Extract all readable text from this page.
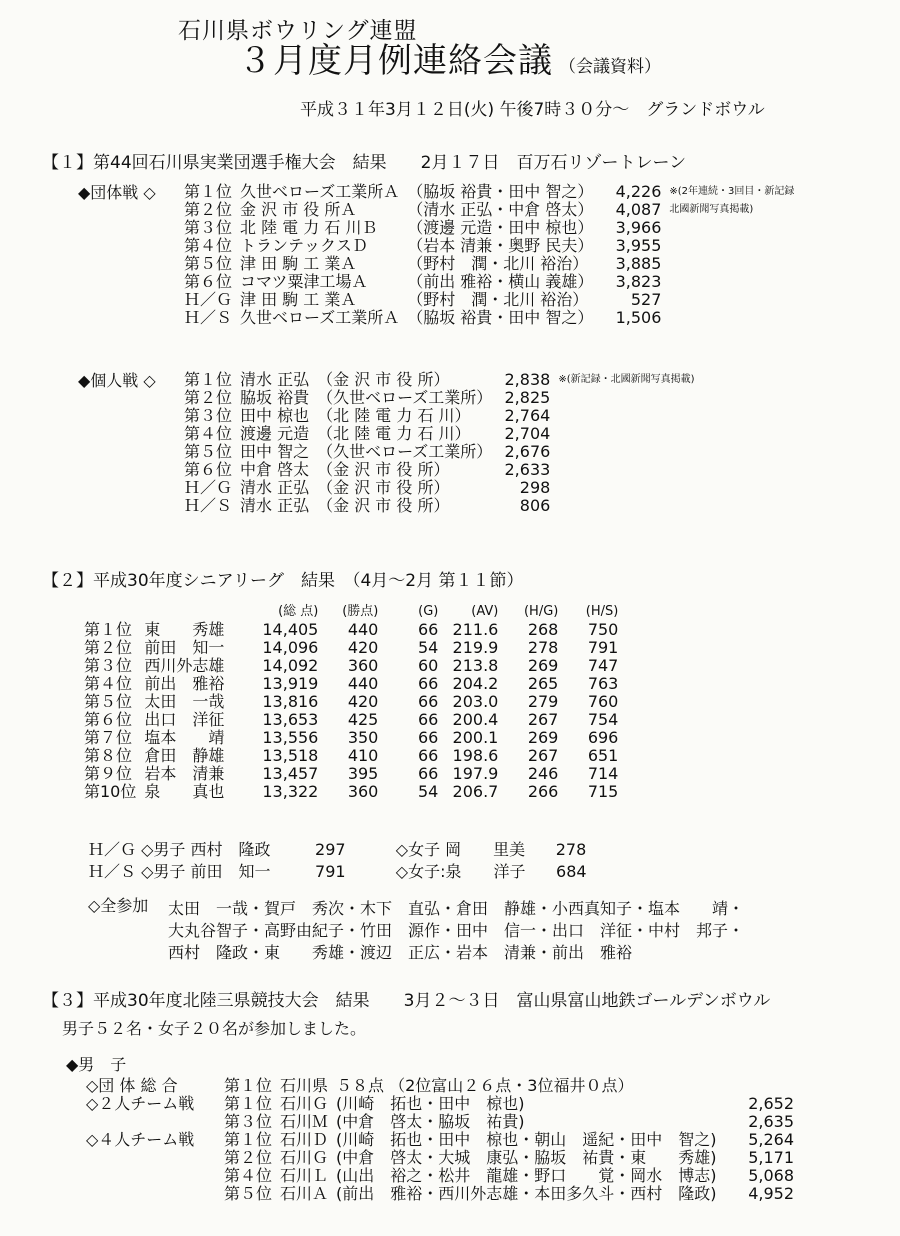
石川県ボウリング連盟
３月度月例連絡会議 （会議資料）
平成３１年3月１２日(火) 午後7時３０分〜　グランドボウル
【１】第44回石川県実業団選手権大会　結果　　2月１７日　百万石リゾートレーン
◆団体戦 ◇ 第１位	久世ベローズ工業所Ａ	（脇坂 裕貴・田中 智之）	4,226	※(2年連続・3回目・新記録
第２位	金 沢 市 役 所Ａ	（清水 正弘・中倉 啓太）	4,087	北國新聞写真掲載)
第３位	北 陸 電 力 石 川Ｂ	（渡邊 元造・田中 椋也）	3,966	
第４位	トランテックスＤ	（岩本 清兼・奥野 民夫）	3,955	
第５位	津 田 駒 工 業Ａ	（野村　潤・北川 裕治）	3,885	
第６位	コマツ粟津工場Ａ	（前出 雅裕・横山 義雄）	3,823	
Ｈ／Ｇ	津 田 駒 工 業Ａ	（野村　潤・北川 裕治）	527	
Ｈ／Ｓ	久世ベローズ工業所Ａ	（脇坂 裕貴・田中 智之）	1,506	
◆個人戦 ◇ 第１位	清水 正弘	（金 沢 市 役 所）	2,838	※(新記録・北國新聞写真掲載)
第２位	脇坂 裕貴	（久世ベローズ工業所）	2,825	
第３位	田中 椋也	（北 陸 電 力 石 川）	2,764	
第４位	渡邊 元造	（北 陸 電 力 石 川）	2,704	
第５位	田中 智之	（久世ベローズ工業所）	2,676	
第６位	中倉 啓太	（金 沢 市 役 所）	2,633	
Ｈ／Ｇ	清水 正弘	（金 沢 市 役 所）	298	
Ｈ／Ｓ	清水 正弘	（金 沢 市 役 所）	806	
【２】平成30年度シニアリーグ　結果　（4月〜2月 第１１節）
		(総 点)	(勝点)	(G)	(AV)	(H/G)	(H/S)
第１位	東　　秀雄	14,405	440	66	211.6	268	750
第２位	前田　知一	14,096	420	54	219.9	278	791
第３位	西川外志雄	14,092	360	60	213.8	269	747
第４位	前出　雅裕	13,919	440	66	204.2	265	763
第５位	太田　一哉	13,816	420	66	203.0	279	760
第６位	出口　洋征	13,653	425	66	200.4	267	754
第７位	塩本　　靖	13,556	350	66	200.1	269	696
第８位	倉田　静雄	13,518	410	66	198.6	267	651
第９位	岩本　清兼	13,457	395	66	197.9	246	714
第10位	泉　　真也	13,322	360	54	206.7	266	715
Ｈ／Ｇ ◇男子 西村　隆政	297	◇女子 岡　　里美 278
Ｈ／Ｓ ◇男子 前田　知一	791	◇女子:泉　　洋子 684
◇全参加 太田　一哉・賀戸　秀次・木下　直弘・倉田　静雄・小西真知子・塩本　　靖・
大丸谷智子・高野由紀子・竹田　源作・田中　信一・出口　洋征・中村　邦子・
西村　隆政・東　　秀雄・渡辺　正広・岩本　清兼・前出　雅裕
【３】平成30年度北陸三県競技大会　結果　　3月２〜３日　富山県富山地鉄ゴールデンボウル
男子５２名・女子２０名が参加しました。
◆男　子
◇団 体 総 合	第１位	石川県	５８点 （2位富山２６点・3位福井０点）	
◇２人チーム戦	第１位	石川Ｇ	(川崎　拓也・田中　椋也)	2,652
	第３位	石川Ｍ	(中倉　啓太・脇坂　祐貴)	2,635
◇４人チーム戦	第１位	石川Ｄ	(川崎　拓也・田中　椋也・朝山　遥紀・田中　智之)	5,264
	第２位	石川Ｇ	(中倉　啓太・大城　康弘・脇坂　祐貴・東　　秀雄)	5,171
	第４位	石川Ｌ	(山出　裕之・松井　龍雄・野口　　覚・岡水　博志)	5,068
	第５位	石川Ａ	(前出　雅裕・西川外志雄・本田多久斗・西村　隆政)	4,952
